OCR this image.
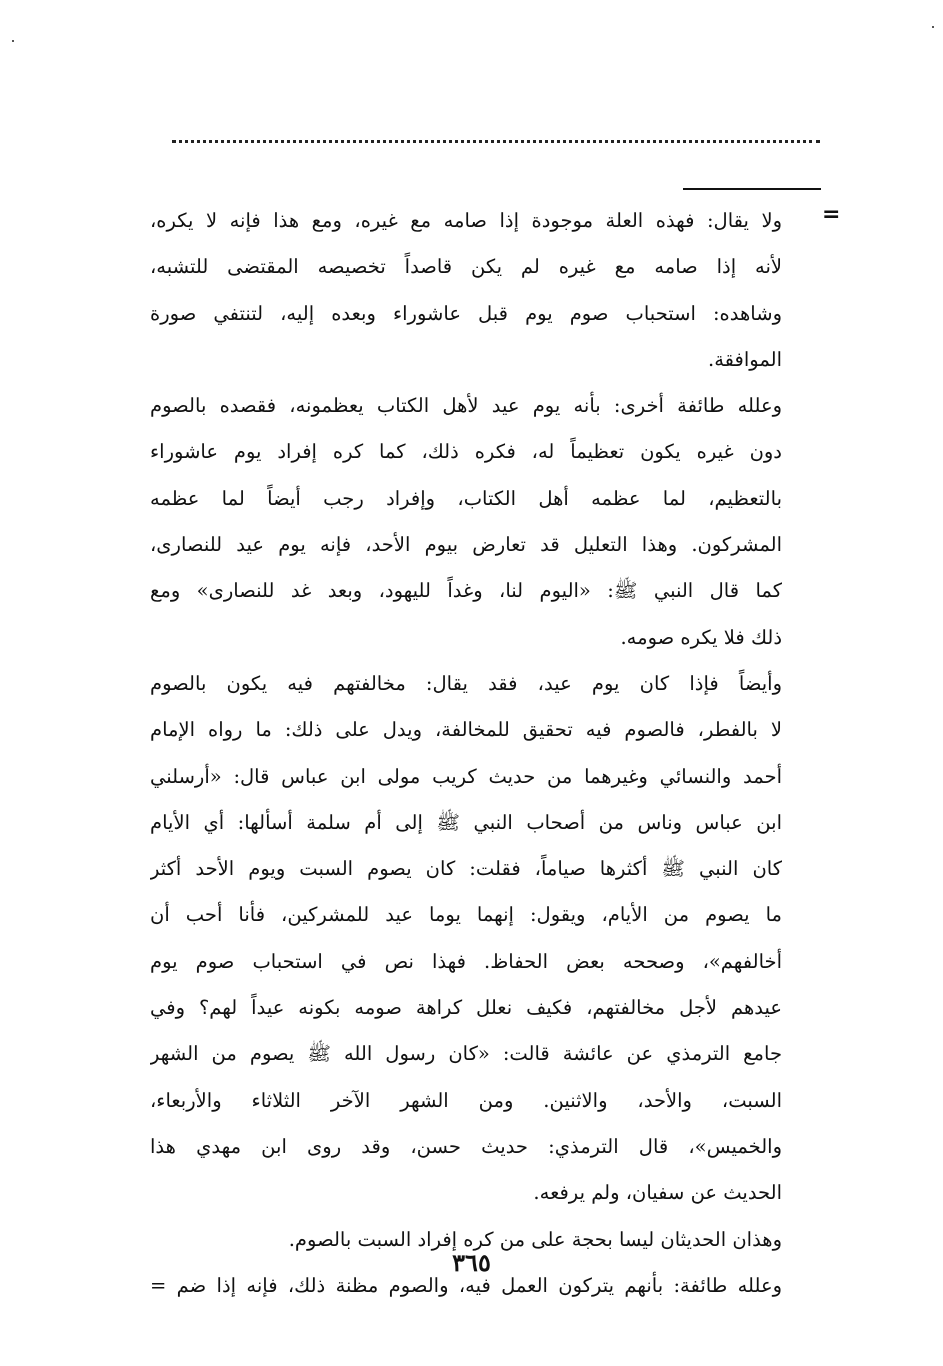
=
ولا يقال: فهذه العلة موجودة إذا صامه مع غيره، ومع هذا فإنه لا يكره،
لأنه إذا صامه مع غيره لم يكن قاصداً تخصيصه المقتضى للتشبه،
وشاهده: استحباب صوم يوم قبل عاشوراء وبعده إليه، لتنتفي صورة
الموافقة.
وعلله طائفة أخرى: بأنه يوم عيد لأهل الكتاب يعظمونه، فقصده بالصوم
دون غيره يكون تعظيماً له، فكره ذلك، كما كره إفراد يوم عاشوراء
بالتعظيم، لما عظمه أهل الكتاب، وإفراد رجب أيضاً لما عظمه
المشركون. وهذا التعليل قد تعارض بيوم الأحد، فإنه يوم عيد للنصارى،
كما قال النبي ﷺ: «اليوم لنا، وغداً لليهود، وبعد غد للنصارى» ومع
ذلك فلا يكره صومه.
وأيضاً فإذا كان يوم عيد، فقد يقال: مخالفتهم فيه يكون بالصوم
لا بالفطر، فالصوم فيه تحقيق للمخالفة، ويدل على ذلك: ما رواه الإمام
أحمد والنسائي وغيرهما من حديث كريب مولى ابن عباس قال: «أرسلني
ابن عباس وناس من أصحاب النبي ﷺ إلى أم سلمة أسألها: أي الأيام
كان النبي ﷺ أكثرها صياماً، فقلت: كان يصوم السبت ويوم الأحد أكثر
ما يصوم من الأيام، ويقول: إنهما يوما عيد للمشركين، فأنا أحب أن
أخالفهم»، وصححه بعض الحفاظ. فهذا نص في استحباب صوم يوم
عيدهم لأجل مخالفتهم، فكيف نعلل كراهة صومه بكونه عيداً لهم؟ وفي
جامع الترمذي عن عائشة قالت: «كان رسول الله ﷺ يصوم من الشهر
السبت، والأحد، والاثنين. ومن الشهر الآخر الثلاثاء والأربعاء،
والخميس»، قال الترمذي: حديث حسن، وقد روى ابن مهدي هذا
الحديث عن سفيان، ولم يرفعه.
وهذان الحديثان ليسا بحجة على من كره إفراد السبت بالصوم.
وعلله طائفة: بأنهم يتركون العمل فيه، والصوم مظنة ذلك، فإنه إذا ضم =
٣٦٥
